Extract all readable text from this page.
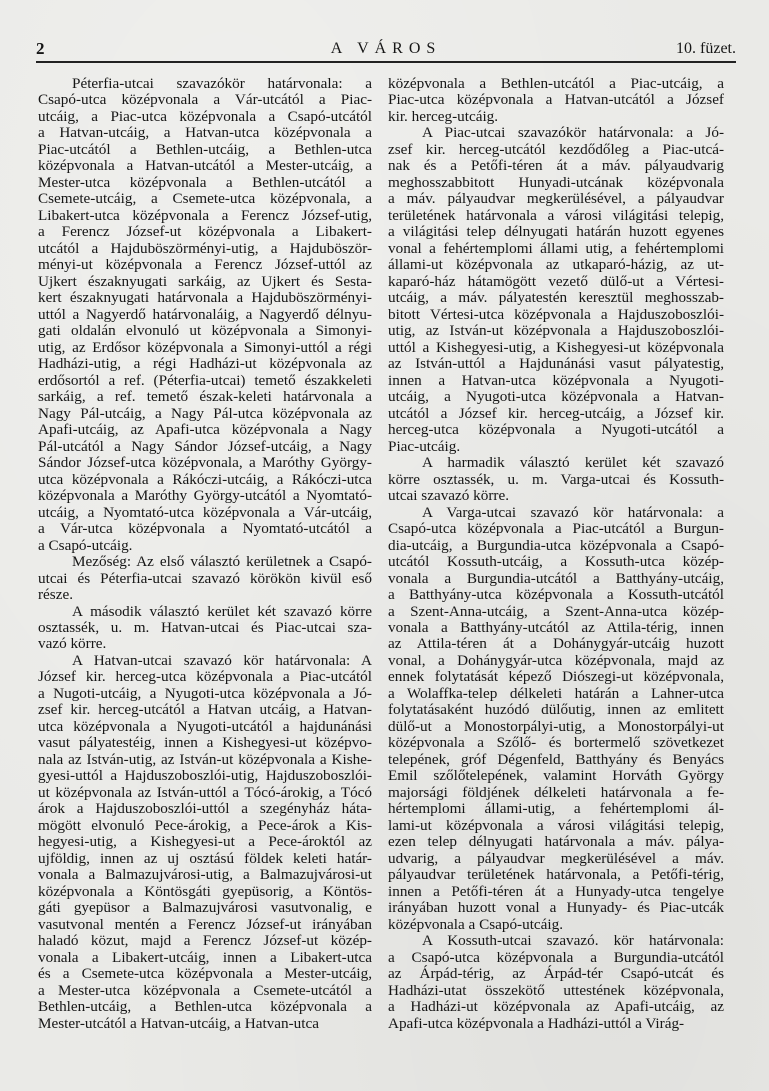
2	A VÁROS	10. füzet.

Péterfia-utcai szavazókör határvonala: a
Csapó-utca középvonala a Vár-utcától a Piac-
utcáig, a Piac-utca középvonala a Csapó-utcától
a Hatvan-utcáig, a Hatvan-utca középvonala a
Piac-utcától a Bethlen-utcáig, a Bethlen-utca
középvonala a Hatvan-utcától a Mester-utcáig, a
Mester-utca középvonala a Bethlen-utcától a
Csemete-utcáig, a Csemete-utca középvonala, a
Libakert-utca középvonala a Ferencz József-utig,
a Ferencz József-ut középvonala a Libakert-
utcától a Hajduböszörményi-utig, a Hajduböször-
ményi-ut középvonala a Ferencz József-uttól az
Ujkert északnyugati sarkáig, az Ujkert és Sesta-
kert északnyugati határvonala a Hajduböszörményi-
uttól a Nagyerdő határvonaláig, a Nagyerdő délnyu-
gati oldalán elvonuló ut középvonala a Simonyi-
utig, az Erdősor középvonala a Simonyi-uttól a régi
Hadházi-utig, a régi Hadházi-ut középvonala az
erdősortól a ref. (Péterfia-utcai) temető északkeleti
sarkáig, a ref. temető észak-keleti határvonala a
Nagy Pál-utcáig, a Nagy Pál-utca középvonala az
Apafi-utcáig, az Apafi-utca középvonala a Nagy
Pál-utcától a Nagy Sándor József-utcáig, a Nagy
Sándor József-utca középvonala, a Maróthy György-
utca középvonala a Rákóczi-utcáig, a Rákóczi-utca
középvonala a Maróthy György-utcától a Nyomtató-
utcáig, a Nyomtató-utca középvonala a Vár-utcáig,
a Vár-utca középvonala a Nyomtató-utcától a
a Csapó-utcáig.

Mezőség: Az első választó kerületnek a Csapó-
utcai és Péterfia-utcai szavazó körökön kivül eső
része.

A második választó kerület két szavazó körre
osztassék, u. m. Hatvan-utcai és Piac-utcai sza-
vazó körre.

A Hatvan-utcai szavazó kör határvonala: A
József kir. herceg-utca középvonala a Piac-utcától
a Nugoti-utcáig, a Nyugoti-utca középvonala a Jó-
zsef kir. herceg-utcától a Hatvan utcáig, a Hatvan-
utca középvonala a Nyugoti-utcától a hajdunánási
vasut pályatestéig, innen a Kishegyesi-ut középvo-
nala az István-utig, az István-ut középvonala a Kishe-
gyesi-uttól a Hajduszoboszlói-utig, Hajduszoboszlói-
ut középvonala az István-uttól a Tócó-árokig, a Tócó
árok a Hajduszoboszlói-uttól a szegényház háta-
mögött elvonuló Pece-árokig, a Pece-árok a Kis-
hegyesi-utig, a Kishegyesi-ut a Pece-ároktól az
ujföldig, innen az uj osztású földek keleti határ-
vonala a Balmazujvárosi-utig, a Balmazujvárosi-ut
középvonala a Köntösgáti gyepüsorig, a Köntös-
gáti gyepüsor a Balmazujvárosi vasutvonalig, e
vasutvonal mentén a Ferencz József-ut irányában
haladó közut, majd a Ferencz József-ut közép-
vonala a Libakert-utcáig, innen a Libakert-utca
és a Csemete-utca középvonala a Mester-utcáig,
a Mester-utca középvonala a Csemete-utcától a
Bethlen-utcáig, a Bethlen-utca középvonala a
Mester-utcától a Hatvan-utcáig, a Hatvan-utca

középvonala a Bethlen-utcától a Piac-utcáig, a
Piac-utca középvonala a Hatvan-utcától a József
kir. herceg-utcáig.

A Piac-utcai szavazókör határvonala: a Jó-
zsef kir. herceg-utcától kezdődőleg a Piac-utcá-
nak és a Petőfi-téren át a máv. pályaudvarig
meghosszabbitott Hunyadi-utcának középvonala
a máv. pályaudvar megkerülésével, a pályaudvar
területének határvonala a városi világitási telepig,
a világitási telep délnyugati határán huzott egyenes
vonal a fehértemplomi állami utig, a fehértemplomi
állami-ut középvonala az utkaparó-házig, az ut-
kaparó-ház hátamögött vezető dülő-ut a Vértesi-
utcáig, a máv. pályatestén keresztül meghosszab-
bitott Vértesi-utca középvonala a Hajduszoboszlói-
utig, az István-ut középvonala a Hajduszoboszlói-
uttól a Kishegyesi-utig, a Kishegyesi-ut középvonala
az István-uttól a Hajdunánási vasut pályatestig,
innen a Hatvan-utca középvonala a Nyugoti-
utcáig, a Nyugoti-utca középvonala a Hatvan-
utcától a József kir. herceg-utcáig, a József kir.
herceg-utca középvonala a Nyugoti-utcától a
Piac-utcáig.

A harmadik választó kerület két szavazó
körre osztassék, u. m. Varga-utcai és Kossuth-
utcai szavazó körre.

A Varga-utcai szavazó kör határvonala: a
Csapó-utca középvonala a Piac-utcától a Burgun-
dia-utcáig, a Burgundia-utca középvonala a Csapó-
utcától Kossuth-utcáig, a Kossuth-utca közép-
vonala a Burgundia-utcától a Batthyány-utcáig,
a Batthyány-utca középvonala a Kossuth-utcától
a Szent-Anna-utcáig, a Szent-Anna-utca közép-
vonala a Batthyány-utcától az Attila-térig, innen
az Attila-téren át a Dohánygyár-utcáig huzott
vonal, a Dohánygyár-utca középvonala, majd az
ennek folytatását képező Diószegi-ut középvonala,
a Wolaffka-telep délkeleti határán a Lahner-utca
folytatásaként huzódó dülőutig, innen az emlitett
dülő-ut a Monostorpályi-utig, a Monostorpályi-ut
középvonala a Szőlő- és bortermelő szövetkezet
telepének, gróf Dégenfeld, Batthyány és Benyács
Emil szőlőtelepének, valamint Horváth György
majorsági földjének délkeleti határvonala a fe-
hértemplomi állami-utig, a fehértemplomi ál-
lami-ut középvonala a városi világitási telepig,
ezen telep délnyugati határvonala a máv. pálya-
udvarig, a pályaudvar megkerülésével a máv.
pályaudvar területének határvonala, a Petőfi-térig,
innen a Petőfi-téren át a Hunyady-utca tengelye
irányában huzott vonal a Hunyady- és Piac-utcák
középvonala a Csapó-utcáig.

A Kossuth-utcai szavazó. kör határvonala:
a Csapó-utca középvonala a Burgundia-utcától
az Árpád-térig, az Árpád-tér Csapó-utcát és
Hadházi-utat összekötő uttestének középvonala,
a Hadházi-ut középvonala az Apafi-utcáig, az
Apafi-utca középvonala a Hadházi-uttól a Virág-
